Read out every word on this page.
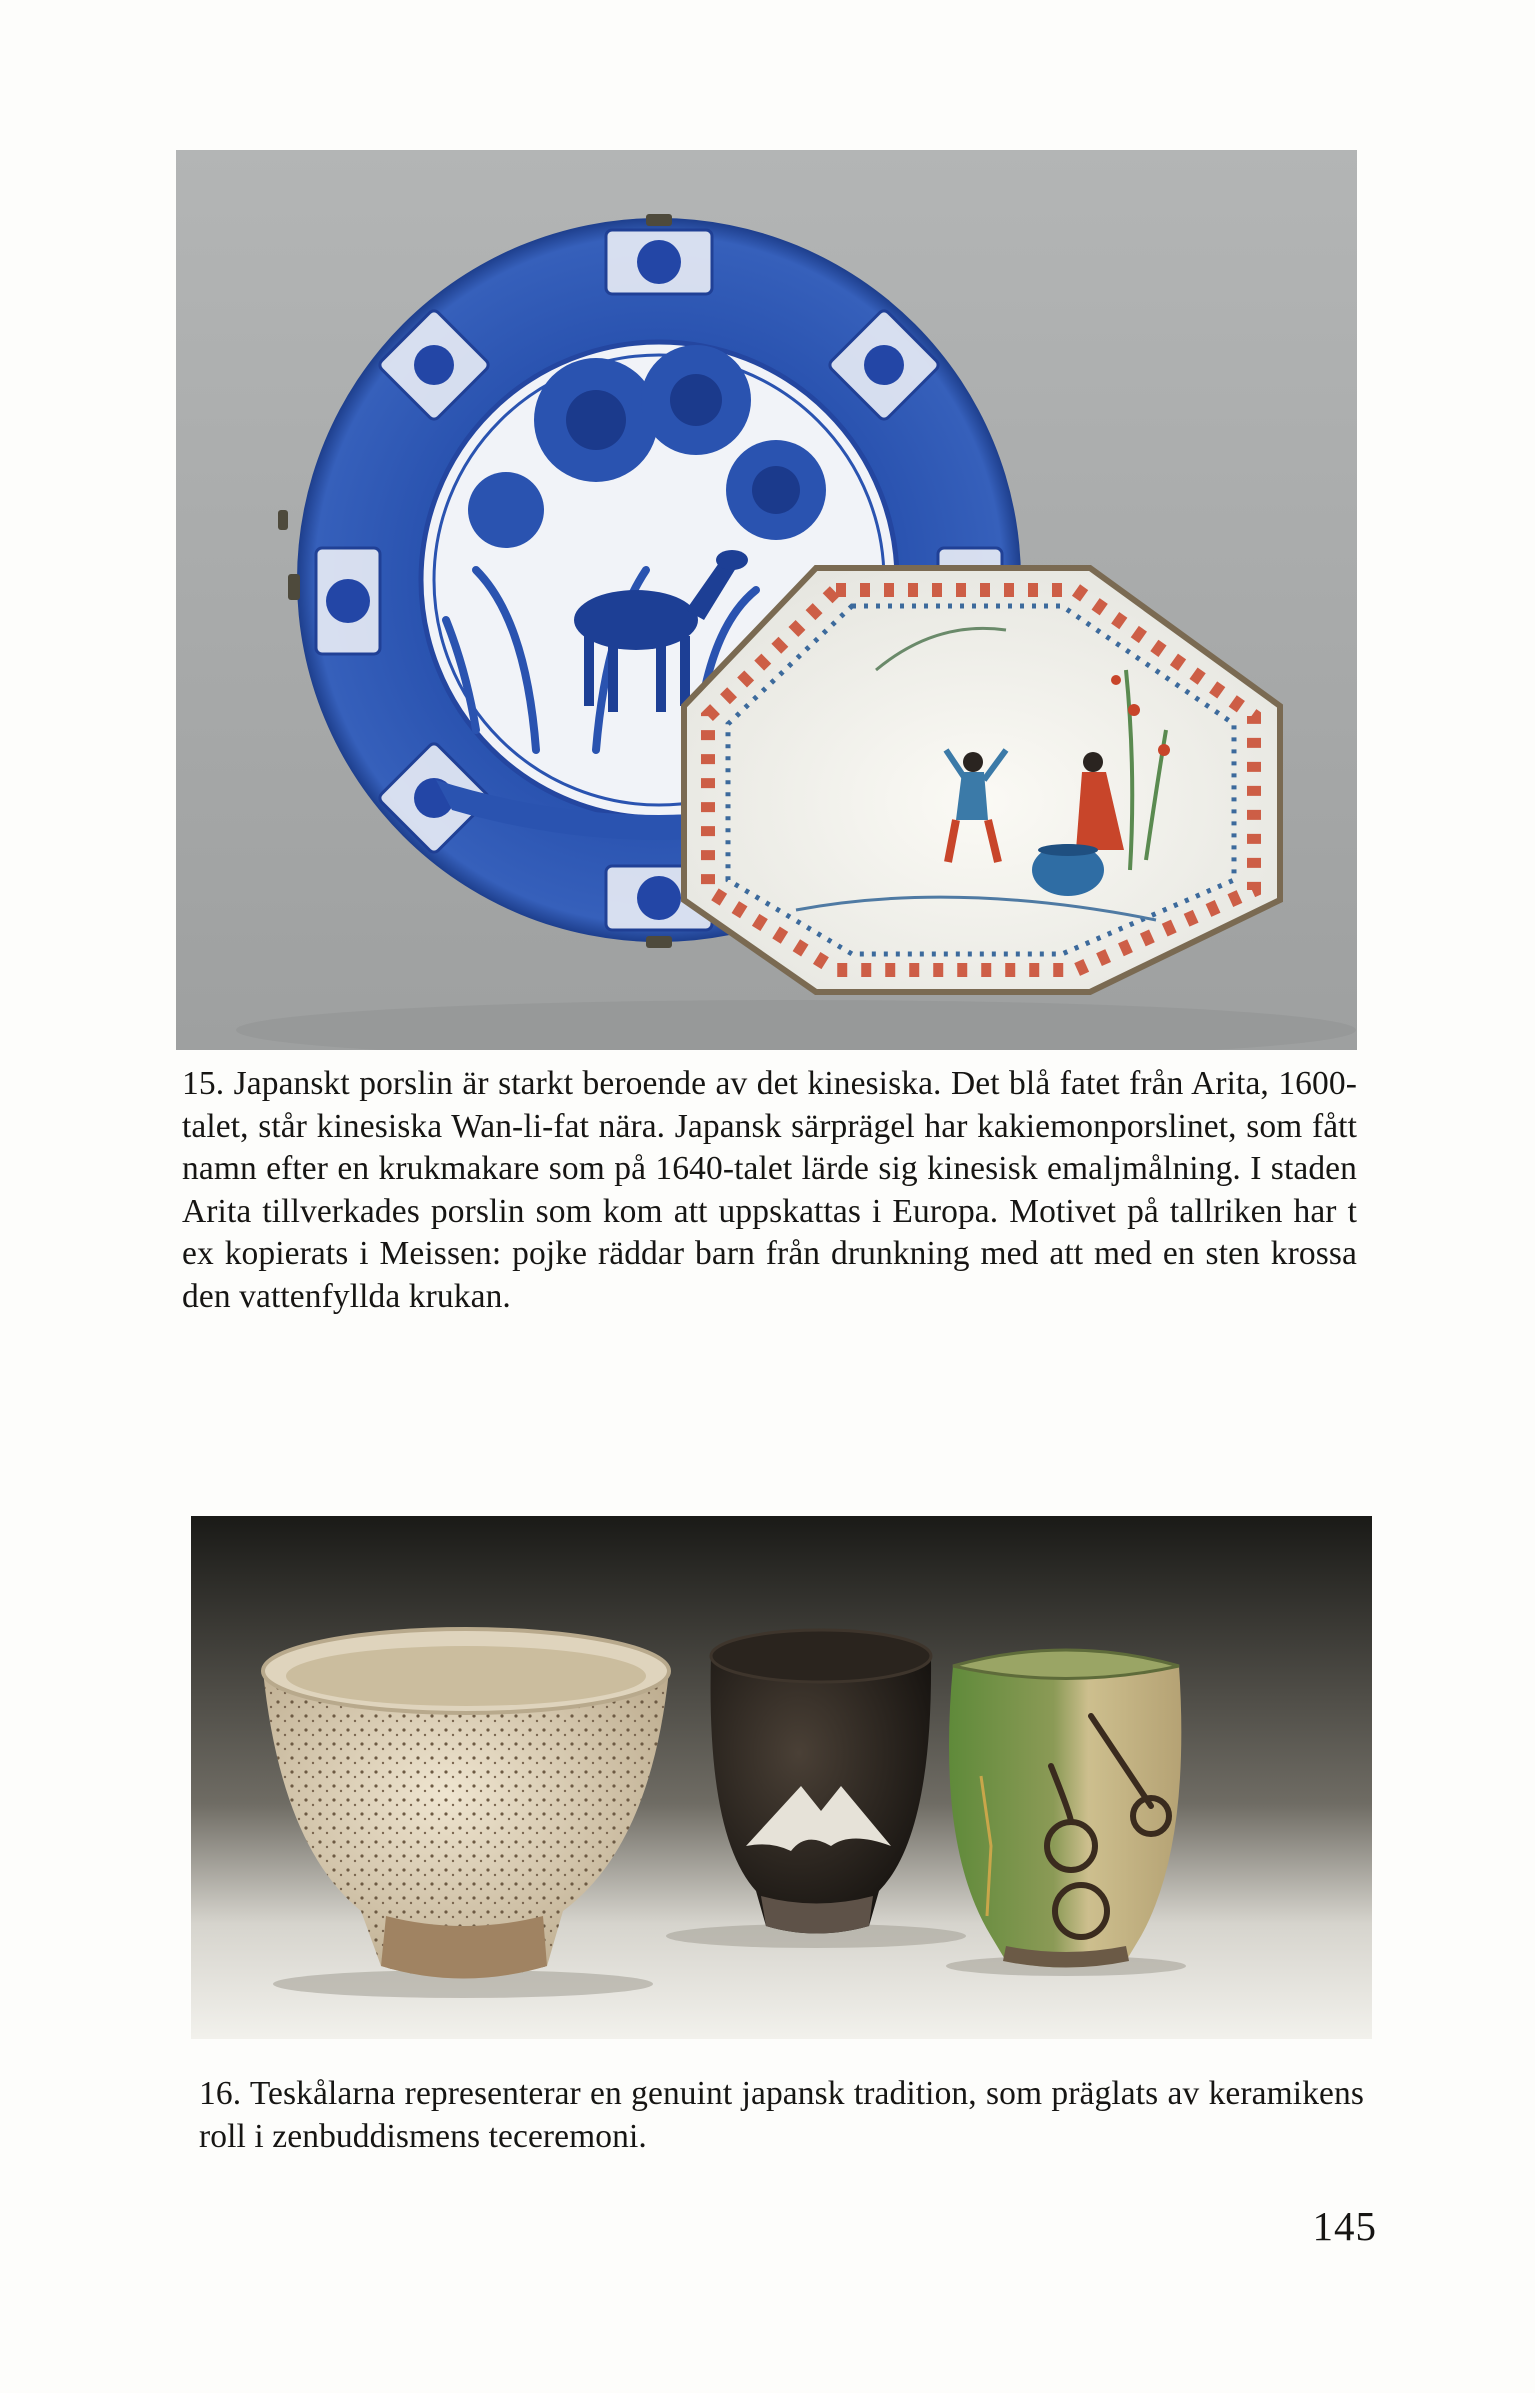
15. Japanskt porslin är starkt beroende av det kinesiska. Det blå fatet från Arita, 1600-talet, står kinesiska Wan-li-fat nära. Japansk särprägel har kakiemonporslinet, som fått namn efter en krukmakare som på 1640-talet lärde sig kinesisk emaljmålning. I staden Arita tillverkades porslin som kom att uppskattas i Europa. Motivet på tallriken har t ex kopierats i Meissen: pojke räddar barn från drunkning med att med en sten krossa den vattenfyllda krukan.

16. Teskålarna representerar en genuint japansk tradition, som präglats av keramikens roll i zenbuddismens teceremoni.

145
